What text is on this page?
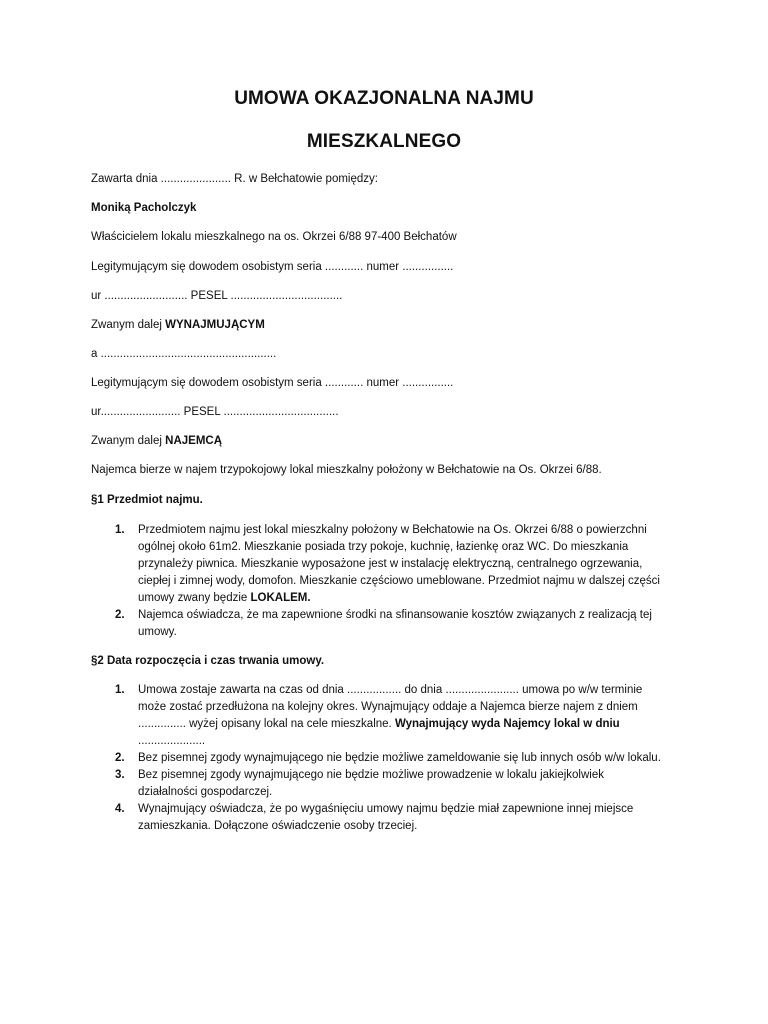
UMOWA OKAZJONALNA NAJMU
MIESZKALNEGO
Zawarta dnia ...................... R. w Bełchatowie pomiędzy:
Moniką Pacholczyk
Właścicielem lokalu mieszkalnego na os. Okrzei 6/88 97-400 Bełchatów
Legitymującym się dowodem osobistym seria ............ numer ................
ur .......................... PESEL ...................................
Zwanym dalej WYNAJMUJĄCYM
a .......................................................
Legitymującym się dowodem osobistym seria ............ numer ................
ur......................... PESEL ....................................
Zwanym dalej NAJEMCĄ
Najemca bierze w najem trzypokojowy lokal mieszkalny położony w Bełchatowie na Os. Okrzei 6/88.
§1 Przedmiot najmu.
1. Przedmiotem najmu jest lokal mieszkalny położony w Bełchatowie na Os. Okrzei 6/88 o powierzchni
ogólnej około 61m2. Mieszkanie posiada trzy pokoje, kuchnię, łazienkę oraz WC. Do mieszkania
przynależy piwnica. Mieszkanie wyposażone jest w instalację elektryczną, centralnego ogrzewania,
ciepłej i zimnej wody, domofon. Mieszkanie częściowo umeblowane. Przedmiot najmu w dalszej części
umowy zwany będzie LOKALEM.
2. Najemca oświadcza, że ma zapewnione środki na sfinansowanie kosztów związanych z realizacją tej
umowy.
§2 Data rozpoczęcia i czas trwania umowy.
1. Umowa zostaje zawarta na czas od dnia ................. do dnia ....................... umowa po w/w terminie
może zostać przedłużona na kolejny okres. Wynajmujący oddaje a Najemca bierze najem z dniem
............... wyżej opisany lokal na cele mieszkalne. Wynajmujący wyda Najemcy lokal w dniu
.....................
2. Bez pisemnej zgody wynajmującego nie będzie możliwe zameldowanie się lub innych osób w/w lokalu.
3. Bez pisemnej zgody wynajmującego nie będzie możliwe prowadzenie w lokalu jakiejkolwiek
działalności gospodarczej.
4. Wynajmujący oświadcza, że po wygaśnięciu umowy najmu będzie miał zapewnione innej miejsce
zamieszkania. Dołączone oświadczenie osoby trzeciej.
